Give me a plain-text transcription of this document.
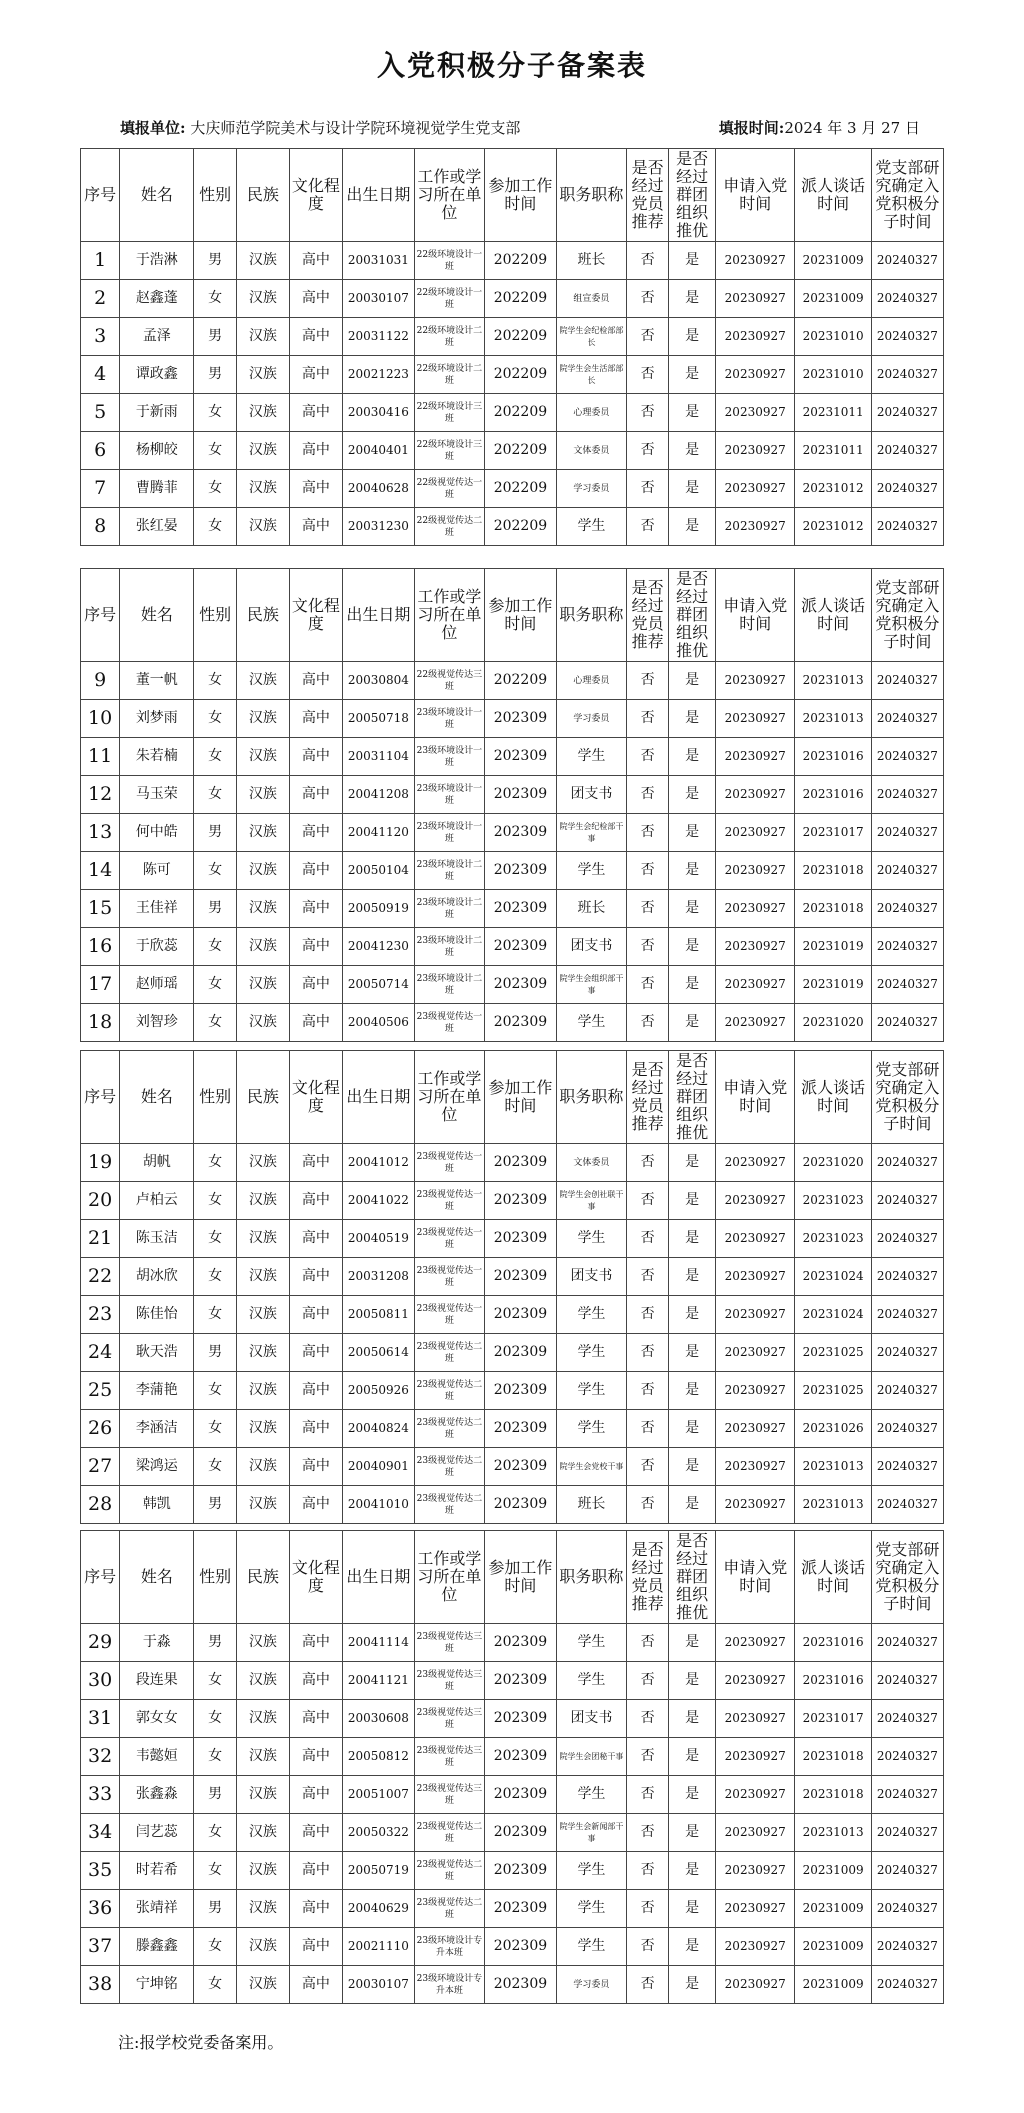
入党积极分子备案表
填报单位: 大庆师范学院美术与设计学院环境视觉学生党支部	填报时间:2024 年 3 月 27 日
序号	姓名	性别	民族	文化程度	出生日期	工作或学习所在单位	参加工作时间	职务职称	是否经过党员推荐	是否经过群团组织推优	申请入党时间	派人谈话时间	党支部研究确定入党积极分子时间
1	于浩淋	男	汉族	高中	20031031	22级环境设计一班	202209	班长	否	是	20230927	20231009	20240327
2	赵鑫蓬	女	汉族	高中	20030107	22级环境设计一班	202209	组宣委员	否	是	20230927	20231009	20240327
3	孟泽	男	汉族	高中	20031122	22级环境设计二班	202209	院学生会纪检部部长	否	是	20230927	20231010	20240327
4	谭政鑫	男	汉族	高中	20021223	22级环境设计二班	202209	院学生会生活部部长	否	是	20230927	20231010	20240327
5	于新雨	女	汉族	高中	20030416	22级环境设计三班	202209	心理委员	否	是	20230927	20231011	20240327
6	杨柳皎	女	汉族	高中	20040401	22级环境设计三班	202209	文体委员	否	是	20230927	20231011	20240327
7	曹腾菲	女	汉族	高中	20040628	22级视觉传达一班	202209	学习委员	否	是	20230927	20231012	20240327
8	张红晏	女	汉族	高中	20031230	22级视觉传达二班	202209	学生	否	是	20230927	20231012	20240327
序号	姓名	性别	民族	文化程度	出生日期	工作或学习所在单位	参加工作时间	职务职称	是否经过党员推荐	是否经过群团组织推优	申请入党时间	派人谈话时间	党支部研究确定入党积极分子时间
9	董一帆	女	汉族	高中	20030804	22级视觉传达三班	202209	心理委员	否	是	20230927	20231013	20240327
10	刘梦雨	女	汉族	高中	20050718	23级环境设计一班	202309	学习委员	否	是	20230927	20231013	20240327
11	朱若楠	女	汉族	高中	20031104	23级环境设计一班	202309	学生	否	是	20230927	20231016	20240327
12	马玉荣	女	汉族	高中	20041208	23级环境设计一班	202309	团支书	否	是	20230927	20231016	20240327
13	何中皓	男	汉族	高中	20041120	23级环境设计一班	202309	院学生会纪检部干事	否	是	20230927	20231017	20240327
14	陈可	女	汉族	高中	20050104	23级环境设计二班	202309	学生	否	是	20230927	20231018	20240327
15	王佳祥	男	汉族	高中	20050919	23级环境设计二班	202309	班长	否	是	20230927	20231018	20240327
16	于欣蕊	女	汉族	高中	20041230	23级环境设计二班	202309	团支书	否	是	20230927	20231019	20240327
17	赵师瑶	女	汉族	高中	20050714	23级环境设计二班	202309	院学生会组织部干事	否	是	20230927	20231019	20240327
18	刘智珍	女	汉族	高中	20040506	23级视觉传达一班	202309	学生	否	是	20230927	20231020	20240327
序号	姓名	性别	民族	文化程度	出生日期	工作或学习所在单位	参加工作时间	职务职称	是否经过党员推荐	是否经过群团组织推优	申请入党时间	派人谈话时间	党支部研究确定入党积极分子时间
19	胡帆	女	汉族	高中	20041012	23级视觉传达一班	202309	文体委员	否	是	20230927	20231020	20240327
20	卢柏云	女	汉族	高中	20041022	23级视觉传达一班	202309	院学生会创社联干事	否	是	20230927	20231023	20240327
21	陈玉洁	女	汉族	高中	20040519	23级视觉传达一班	202309	学生	否	是	20230927	20231023	20240327
22	胡冰欣	女	汉族	高中	20031208	23级视觉传达一班	202309	团支书	否	是	20230927	20231024	20240327
23	陈佳怡	女	汉族	高中	20050811	23级视觉传达一班	202309	学生	否	是	20230927	20231024	20240327
24	耿天浩	男	汉族	高中	20050614	23级视觉传达二班	202309	学生	否	是	20230927	20231025	20240327
25	李蒲艳	女	汉族	高中	20050926	23级视觉传达二班	202309	学生	否	是	20230927	20231025	20240327
26	李涵洁	女	汉族	高中	20040824	23级视觉传达二班	202309	学生	否	是	20230927	20231026	20240327
27	梁鸿运	女	汉族	高中	20040901	23级视觉传达二班	202309	院学生会党校干事	否	是	20230927	20231013	20240327
28	韩凯	男	汉族	高中	20041010	23级视觉传达二班	202309	班长	否	是	20230927	20231013	20240327
序号	姓名	性别	民族	文化程度	出生日期	工作或学习所在单位	参加工作时间	职务职称	是否经过党员推荐	是否经过群团组织推优	申请入党时间	派人谈话时间	党支部研究确定入党积极分子时间
29	于淼	男	汉族	高中	20041114	23级视觉传达三班	202309	学生	否	是	20230927	20231016	20240327
30	段连果	女	汉族	高中	20041121	23级视觉传达三班	202309	学生	否	是	20230927	20231016	20240327
31	郭女女	女	汉族	高中	20030608	23级视觉传达三班	202309	团支书	否	是	20230927	20231017	20240327
32	韦懿姮	女	汉族	高中	20050812	23级视觉传达三班	202309	院学生会团秘干事	否	是	20230927	20231018	20240327
33	张鑫淼	男	汉族	高中	20051007	23级视觉传达三班	202309	学生	否	是	20230927	20231018	20240327
34	闫艺蕊	女	汉族	高中	20050322	23级视觉传达二班	202309	院学生会新闻部干事	否	是	20230927	20231013	20240327
35	时若希	女	汉族	高中	20050719	23级视觉传达二班	202309	学生	否	是	20230927	20231009	20240327
36	张靖祥	男	汉族	高中	20040629	23级视觉传达二班	202309	学生	否	是	20230927	20231009	20240327
37	滕鑫鑫	女	汉族	高中	20021110	23级环境设计专升本班	202309	学生	否	是	20230927	20231009	20240327
38	宁坤铭	女	汉族	高中	20030107	23级环境设计专升本班	202309	学习委员	否	是	20230927	20231009	20240327
注:报学校党委备案用。
